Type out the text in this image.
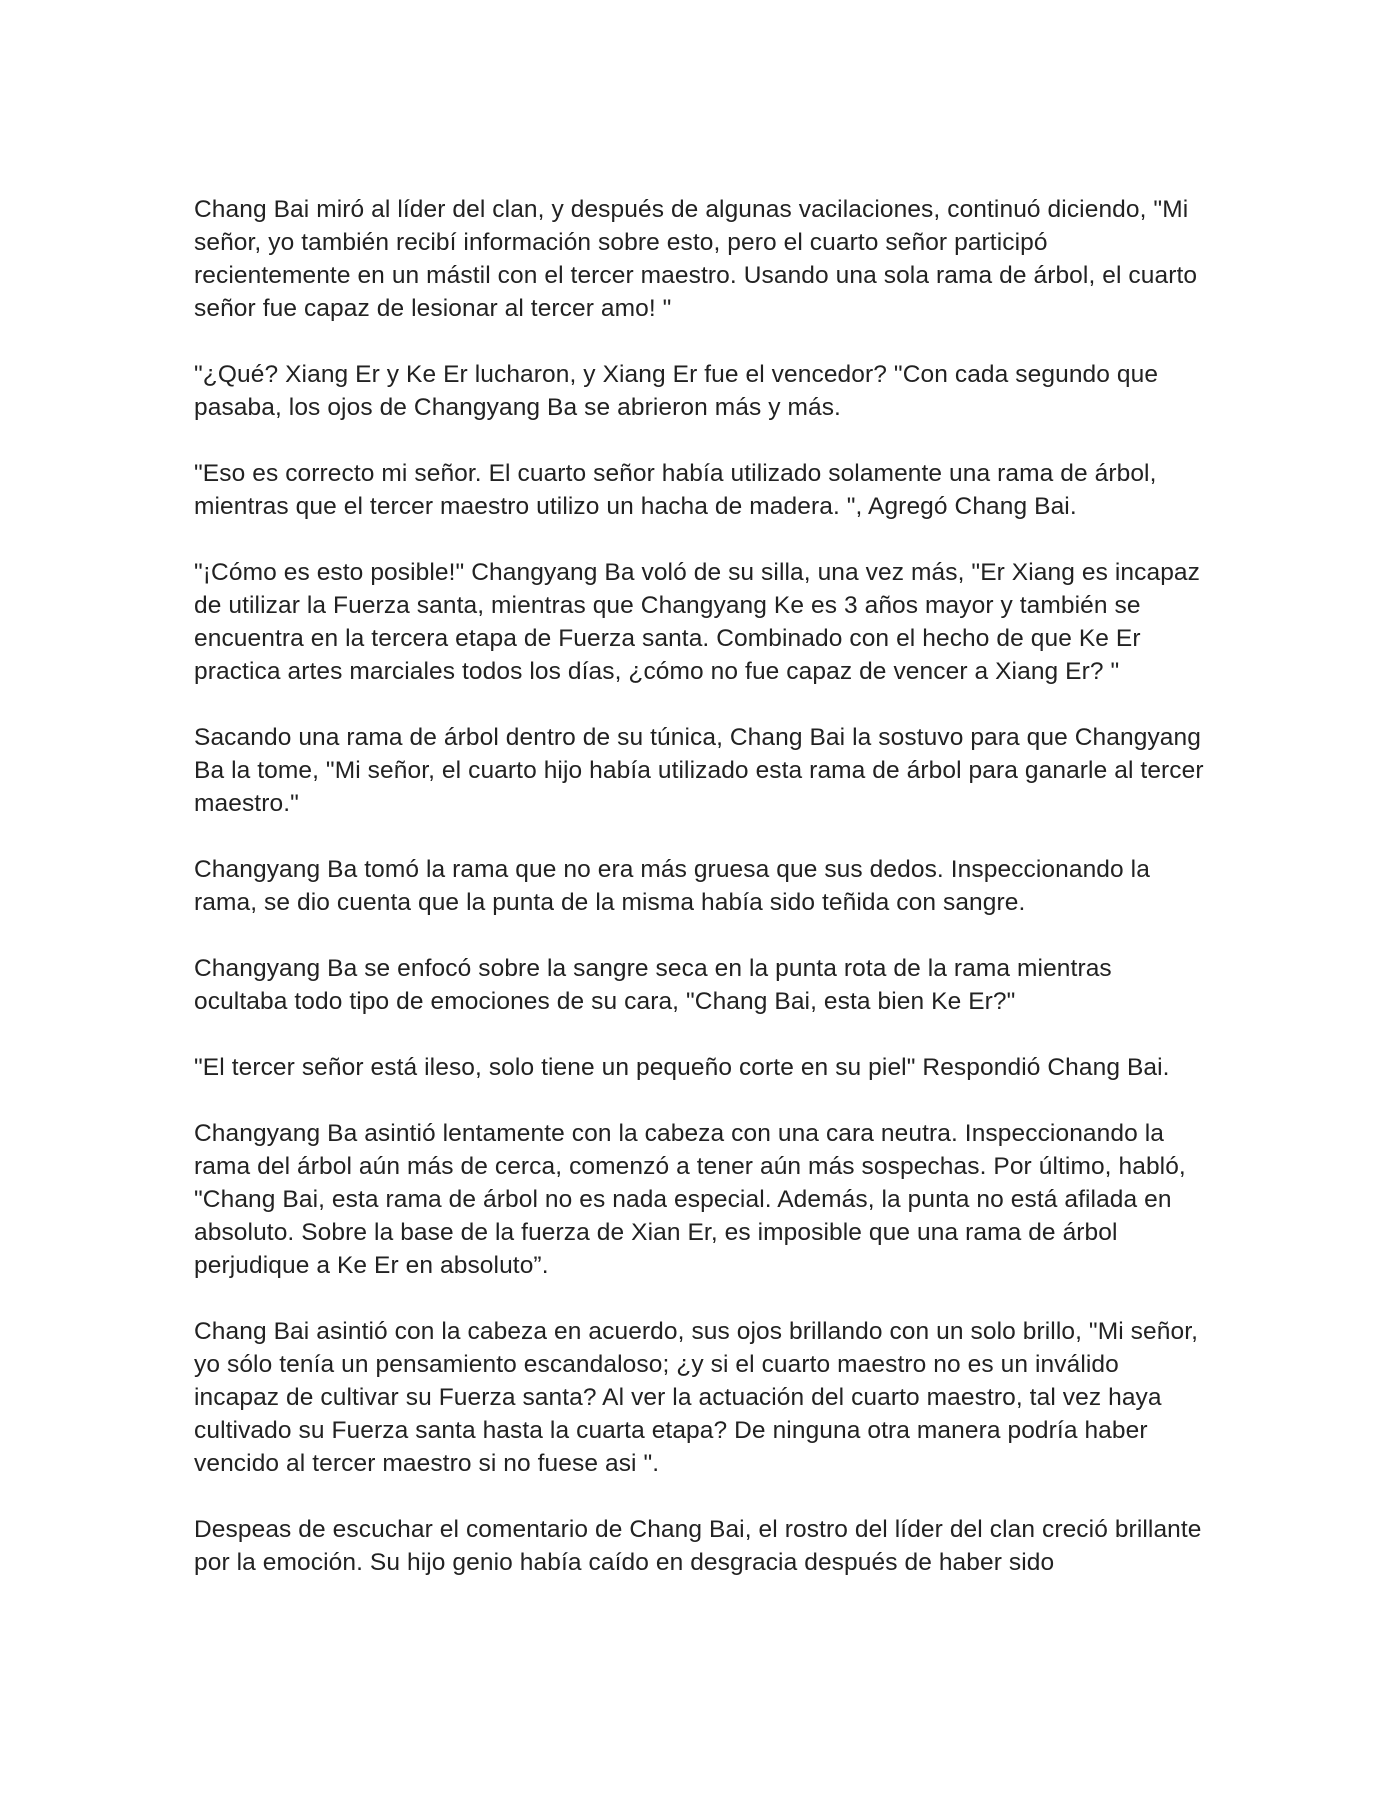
Chang Bai miró al líder del clan, y después de algunas vacilaciones, continuó diciendo, "Mi señor, yo también recibí información sobre esto, pero el cuarto señor participó recientemente en un mástil con el tercer maestro. Usando una sola rama de árbol, el cuarto señor fue capaz de lesionar al tercer amo! "

"¿Qué? Xiang Er y Ke Er lucharon, y Xiang Er fue el vencedor? "Con cada segundo que pasaba, los ojos de Changyang Ba se abrieron más y más.

"Eso es correcto mi señor. El cuarto señor había utilizado solamente una rama de árbol, mientras que el tercer maestro utilizo un hacha de madera. ", Agregó Chang Bai.

"¡Cómo es esto posible!" Changyang Ba voló de su silla, una vez más, "Er Xiang es incapaz de utilizar la Fuerza santa, mientras que Changyang Ke es 3 años mayor y también se encuentra en la tercera etapa de Fuerza santa. Combinado con el hecho de que Ke Er practica artes marciales todos los días, ¿cómo no fue capaz de vencer a Xiang Er? "

Sacando una rama de árbol dentro de su túnica, Chang Bai la sostuvo para que Changyang Ba la tome, "Mi señor, el cuarto hijo había utilizado esta rama de árbol para ganarle al tercer maestro."

Changyang Ba tomó la rama que no era más gruesa que sus dedos. Inspeccionando la rama, se dio cuenta que la punta de la misma había sido teñida con sangre.

Changyang Ba se enfocó sobre la sangre seca en la punta rota de la rama mientras ocultaba todo tipo de emociones de su cara, "Chang Bai, esta bien Ke Er?"

"El tercer señor está ileso, solo tiene un pequeño corte en su piel" Respondió Chang Bai.

Changyang Ba asintió lentamente con la cabeza con una cara neutra. Inspeccionando la rama del árbol aún más de cerca, comenzó a tener aún más sospechas. Por último, habló, "Chang Bai, esta rama de árbol no es nada especial. Además, la punta no está afilada en absoluto. Sobre la base de la fuerza de Xian Er, es imposible que una rama de árbol perjudique a Ke Er en absoluto”.

Chang Bai asintió con la cabeza en acuerdo, sus ojos brillando con un solo brillo, "Mi señor, yo sólo tenía un pensamiento escandaloso; ¿y si el cuarto maestro no es un inválido incapaz de cultivar su Fuerza santa? Al ver la actuación del cuarto maestro, tal vez haya cultivado su Fuerza santa hasta la cuarta etapa? De ninguna otra manera podría haber vencido al tercer maestro si no fuese asi ".

Despeas de escuchar el comentario de Chang Bai, el rostro del líder del clan creció brillante por la emoción. Su hijo genio había caído en desgracia después de haber sido
